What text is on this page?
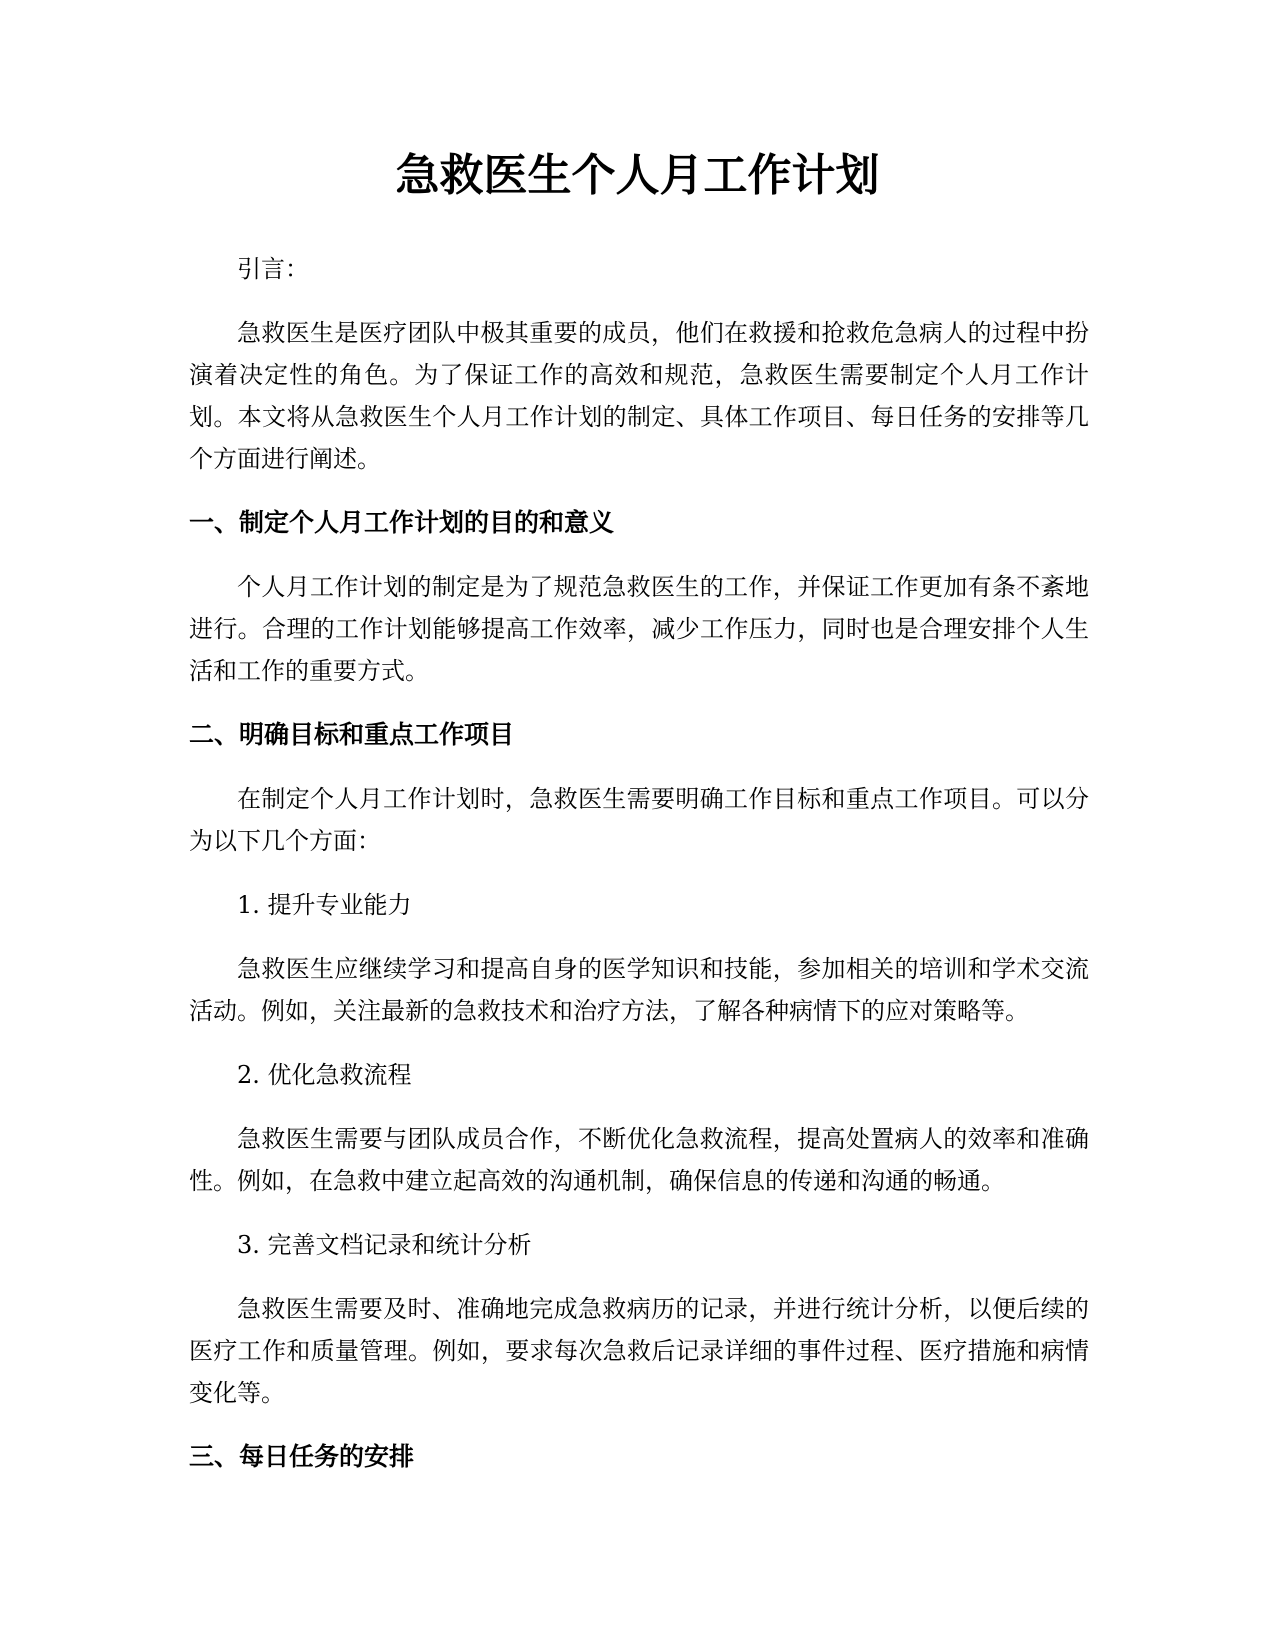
急救医生个人月工作计划

引言：

急救医生是医疗团队中极其重要的成员，他们在救援和抢救危急病人的过程中扮演着决定性的角色。为了保证工作的高效和规范，急救医生需要制定个人月工作计划。本文将从急救医生个人月工作计划的制定、具体工作项目、每日任务的安排等几个方面进行阐述。

一、制定个人月工作计划的目的和意义

个人月工作计划的制定是为了规范急救医生的工作，并保证工作更加有条不紊地进行。合理的工作计划能够提高工作效率，减少工作压力，同时也是合理安排个人生活和工作的重要方式。

二、明确目标和重点工作项目

在制定个人月工作计划时，急救医生需要明确工作目标和重点工作项目。可以分为以下几个方面：

1. 提升专业能力

急救医生应继续学习和提高自身的医学知识和技能，参加相关的培训和学术交流活动。例如，关注最新的急救技术和治疗方法，了解各种病情下的应对策略等。

2. 优化急救流程

急救医生需要与团队成员合作，不断优化急救流程，提高处置病人的效率和准确性。例如，在急救中建立起高效的沟通机制，确保信息的传递和沟通的畅通。

3. 完善文档记录和统计分析

急救医生需要及时、准确地完成急救病历的记录，并进行统计分析，以便后续的医疗工作和质量管理。例如，要求每次急救后记录详细的事件过程、医疗措施和病情变化等。

三、每日任务的安排
